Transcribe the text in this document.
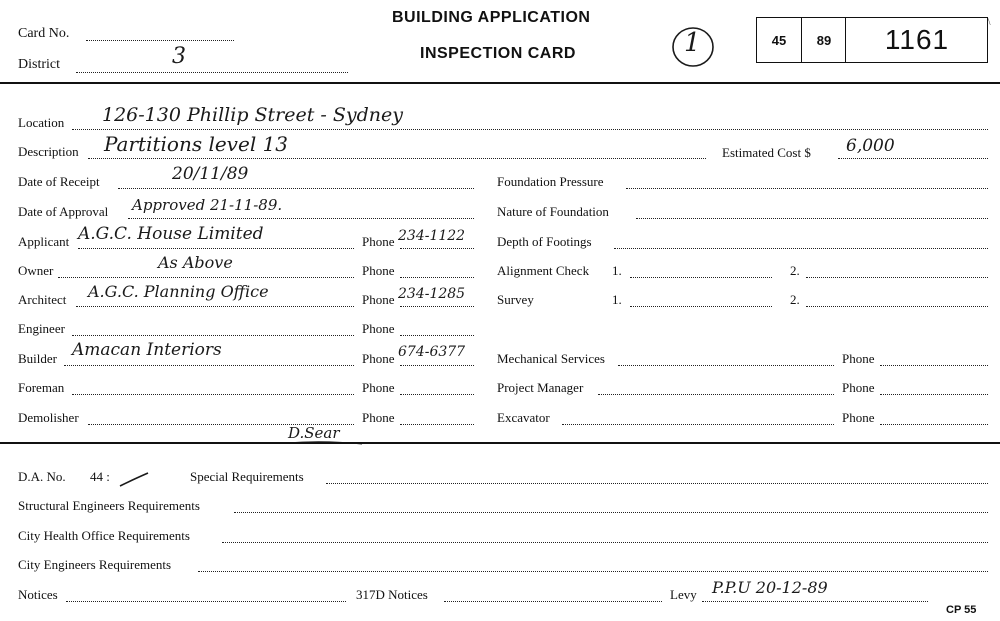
Card No.
District	3
BUILDING APPLICATION
INSPECTION CARD	1	45	89	1161
\
Location 126-130 Phillip Street - Sydney
Description Partitions level 13	Estimated Cost $ 6,000
Date of Receipt	20/11/89
Date of Approval Approved 21-11-89.
Applicant A.G.C. House Limited	Phone 234-1122
Owner	As Above	Phone
Architect A.G.C. Planning Office	Phone 234-1285
Engineer	Phone
Builder Amacan Interiors	Phone 674-6377
Foreman	Phone
Demolisher	Phone
Foundation Pressure
Nature of Foundation
Depth of Footings
Alignment Check 1.	2.
Survey	1.	2.
Mechanical Services	Phone
Project Manager	Phone
Excavator	Phone
D.Sear
D.A. No. 44 :	Special Requirements
Structural Engineers Requirements
City Health Office Requirements
City Engineers Requirements
Notices	317D Notices	Levy P.P.U 20-12-89
CP 55
